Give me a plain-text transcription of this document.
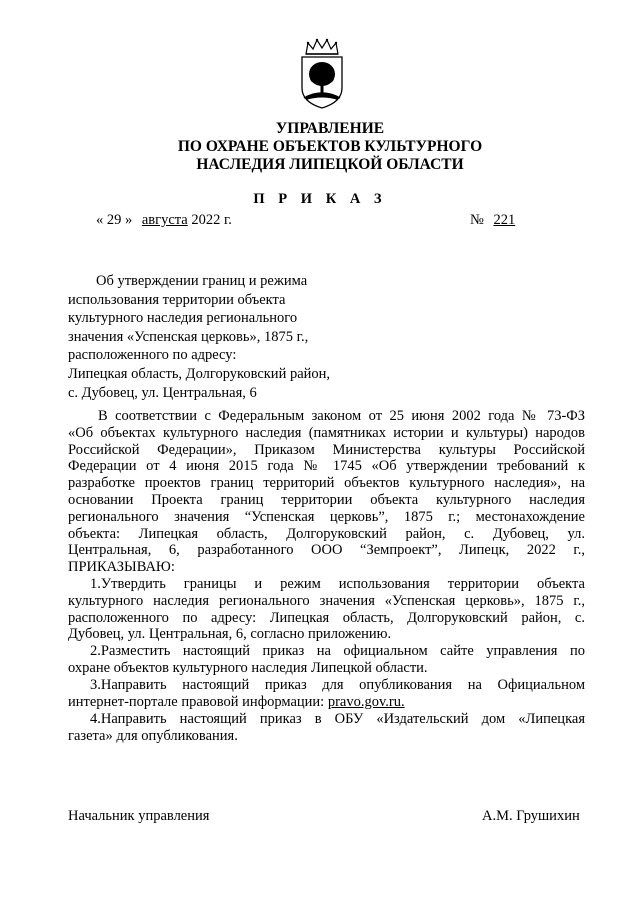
УПРАВЛЕНИЕ
ПО ОХРАНЕ ОБЪЕКТОВ КУЛЬТУРНОГО
НАСЛЕДИЯ ЛИПЕЦКОЙ ОБЛАСТИ
П Р И К А З
« 29 » августа 2022 г.	№ 221
Об утверждении границ и режима
использования территории объекта
культурного наследия регионального
значения «Успенская церковь», 1875 г.,
расположенного по адресу:
Липецкая область, Долгоруковский район,
с. Дубовец, ул. Центральная, 6
В соответствии с Федеральным законом от 25 июня 2002 года № 73-ФЗ
«Об объектах культурного наследия (памятниках истории и культуры) народов
Российской Федерации», Приказом Министерства культуры Российской
Федерации от 4 июня 2015 года № 1745 «Об утверждении требований к
разработке проектов границ территорий объектов культурного наследия», на
основании Проекта границ территории объекта культурного наследия
регионального значения “Успенская церковь”, 1875 г.; местонахождение
объекта: Липецкая область, Долгоруковский район, с. Дубовец, ул.
Центральная, 6, разработанного ООО “Земпроект”, Липецк, 2022 г.,
ПРИКАЗЫВАЮ:
1.Утвердить границы и режим использования территории объекта
культурного наследия регионального значения «Успенская церковь», 1875 г.,
расположенного по адресу: Липецкая область, Долгоруковский район, с.
Дубовец, ул. Центральная, 6, согласно приложению.
2.Разместить настоящий приказ на официальном сайте управления по
охране объектов культурного наследия Липецкой области.
3.Направить настоящий приказ для опубликования на Официальном
интернет-портале правовой информации: pravo.gov.ru.
4.Направить настоящий приказ в ОБУ «Издательский дом «Липецкая
газета» для опубликования.
Начальник управления	А.М. Грушихин
